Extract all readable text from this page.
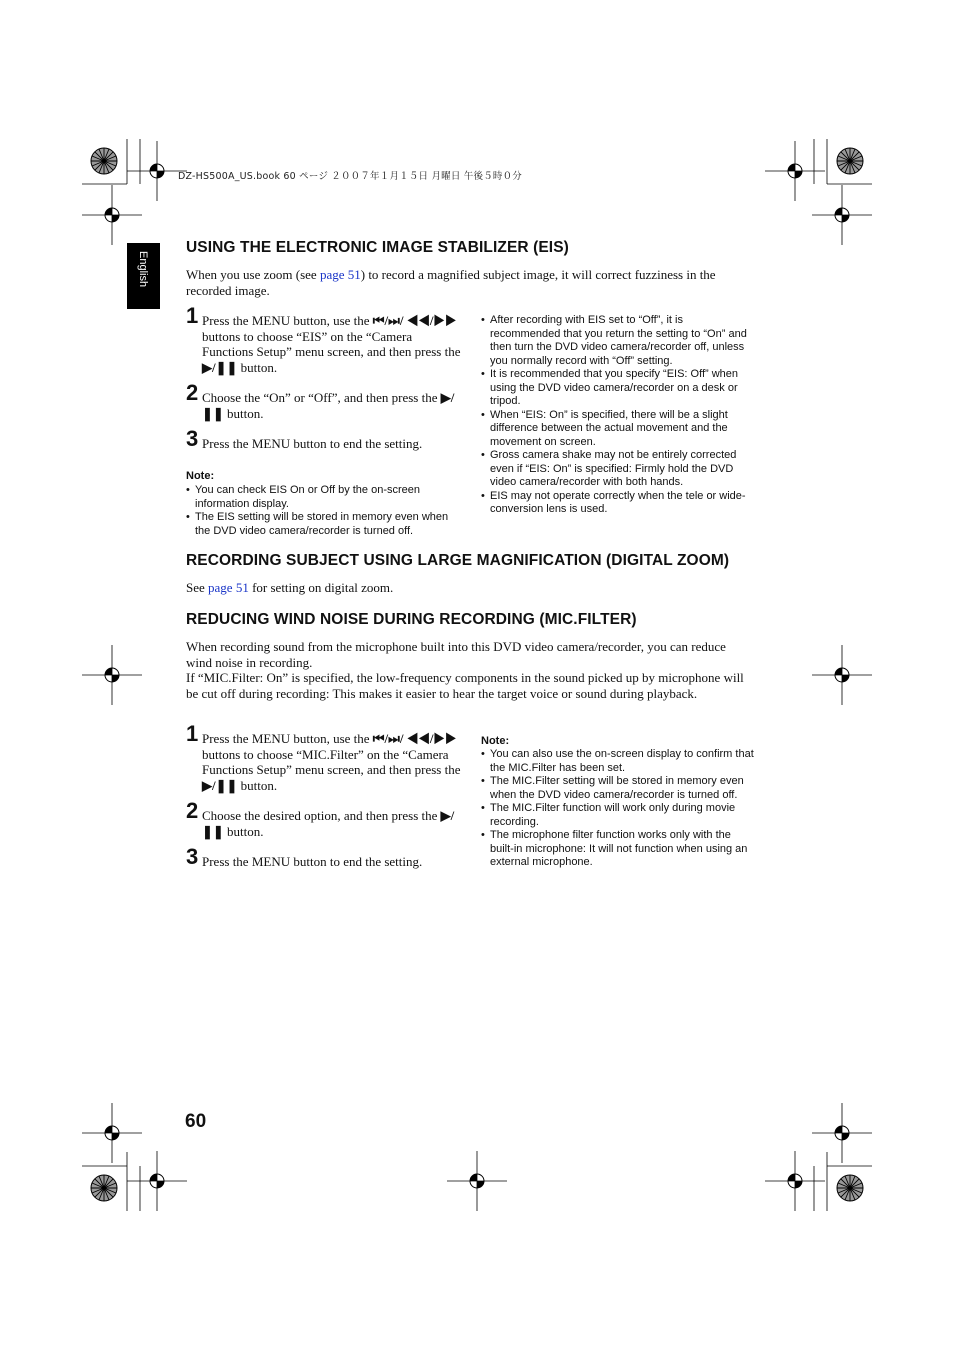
DZ-HS500A_US.book 60 ページ ２００７年１月１５日 月曜日 午後５時０分
English
USING THE ELECTRONIC IMAGE STABILIZER (EIS)
When you use zoom (see page 51) to record a magnified subject image, it will correct fuzziness in the recorded image.
1 Press the MENU button, use the ⏮/⏭/ ◀◀/▶▶ buttons to choose “EIS” on the “Camera Functions Setup” menu screen, and then press the ▶/❚❚ button.
2 Choose the “On” or “Off”, and then press the ▶/❚❚ button.
3 Press the MENU button to end the setting.
Note:
• You can check EIS On or Off by the on-screen information display.
• The EIS setting will be stored in memory even when the DVD video camera/recorder is turned off.
• After recording with EIS set to “Off”, it is recommended that you return the setting to “On” and then turn the DVD video camera/recorder off, unless you normally record with “Off” setting.
• It is recommended that you specify “EIS: Off” when using the DVD video camera/recorder on a desk or tripod.
• When “EIS: On” is specified, there will be a slight difference between the actual movement and the movement on screen.
• Gross camera shake may not be entirely corrected even if “EIS: On” is specified: Firmly hold the DVD video camera/recorder with both hands.
• EIS may not operate correctly when the tele or wide-conversion lens is used.
RECORDING SUBJECT USING LARGE MAGNIFICATION (DIGITAL ZOOM)
See page 51 for setting on digital zoom.
REDUCING WIND NOISE DURING RECORDING (MIC.FILTER)
When recording sound from the microphone built into this DVD video camera/recorder, you can reduce wind noise in recording.
If “MIC.Filter: On” is specified, the low-frequency components in the sound picked up by microphone will be cut off during recording: This makes it easier to hear the target voice or sound during playback.
1 Press the MENU button, use the ⏮/⏭/ ◀◀/▶▶ buttons to choose “MIC.Filter” on the “Camera Functions Setup” menu screen, and then press the ▶/❚❚ button.
2 Choose the desired option, and then press the ▶/❚❚ button.
3 Press the MENU button to end the setting.
Note:
• You can also use the on-screen display to confirm that the MIC.Filter has been set.
• The MIC.Filter setting will be stored in memory even when the DVD video camera/recorder is turned off.
• The MIC.Filter function will work only during movie recording.
• The microphone filter function works only with the built-in microphone: It will not function when using an external microphone.
60
